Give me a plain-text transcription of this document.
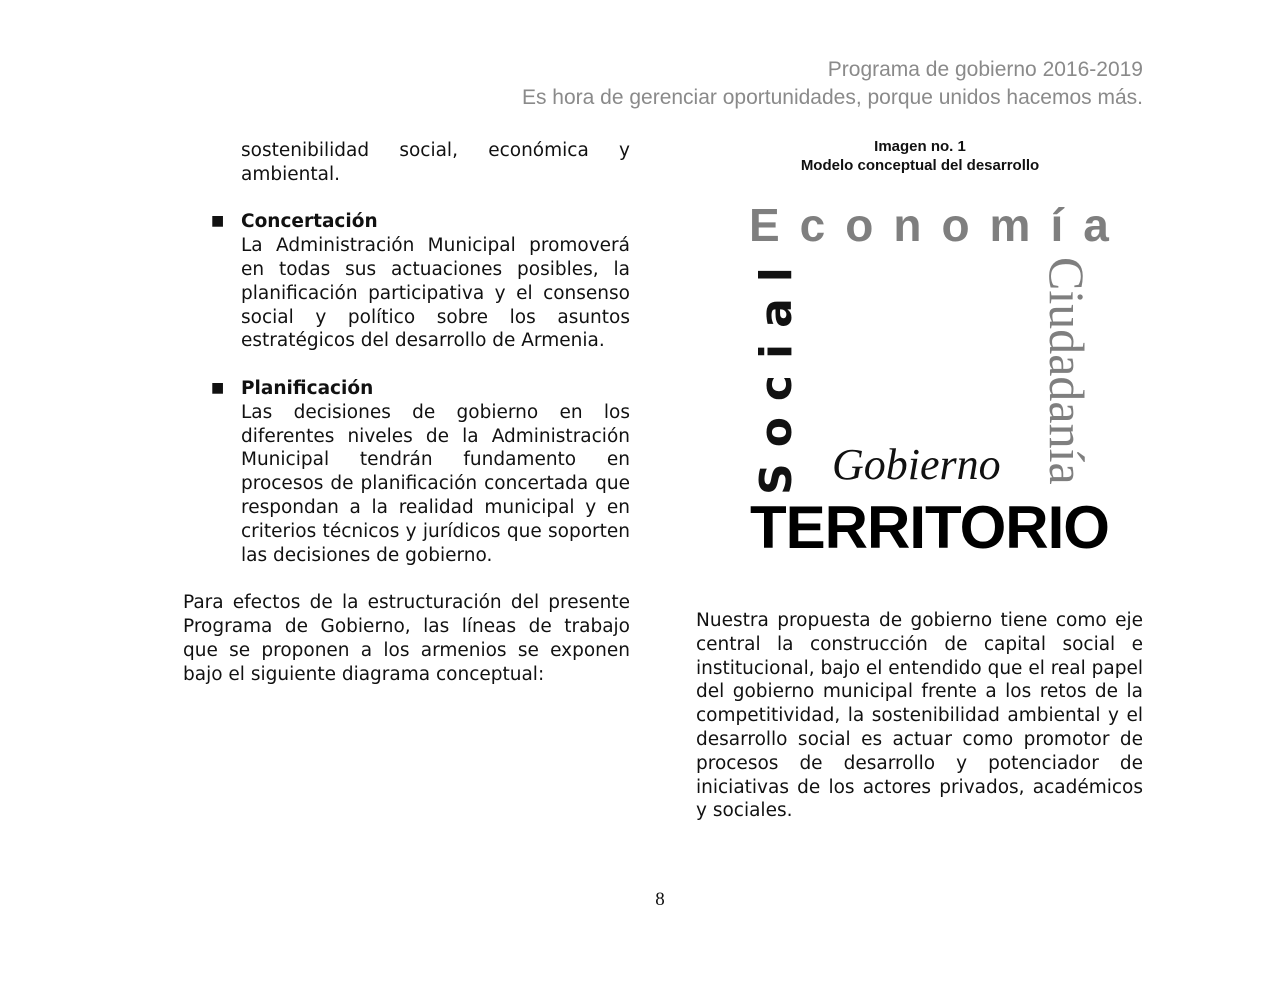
Programa de gobierno 2016-2019
Es hora de gerenciar oportunidades, porque unidos hacemos más.
sostenibilidad social, económica y ambiental.
■ Concertación
La Administración Municipal promoverá en todas sus actuaciones posibles, la planificación participativa y el consenso social y político sobre los asuntos estratégicos del desarrollo de Armenia.
■ Planificación
Las decisiones de gobierno en los diferentes niveles de la Administración Municipal tendrán fundamento en procesos de planificación concertada que respondan a la realidad municipal y en criterios técnicos y jurídicos que soporten las decisiones de gobierno.
Para efectos de la estructuración del presente Programa de Gobierno, las líneas de trabajo que se proponen a los armenios se exponen bajo el siguiente diagrama conceptual:
Imagen no. 1
Modelo conceptual del desarrollo
Economía
Ciudadanía
Social Gobierno
TERRITORIO
Nuestra propuesta de gobierno tiene como eje central la construcción de capital social e institucional, bajo el entendido que el real papel del gobierno municipal frente a los retos de la competitividad, la sostenibilidad ambiental y el desarrollo social es actuar como promotor de procesos de desarrollo y potenciador de iniciativas de los actores privados, académicos y sociales.
8
